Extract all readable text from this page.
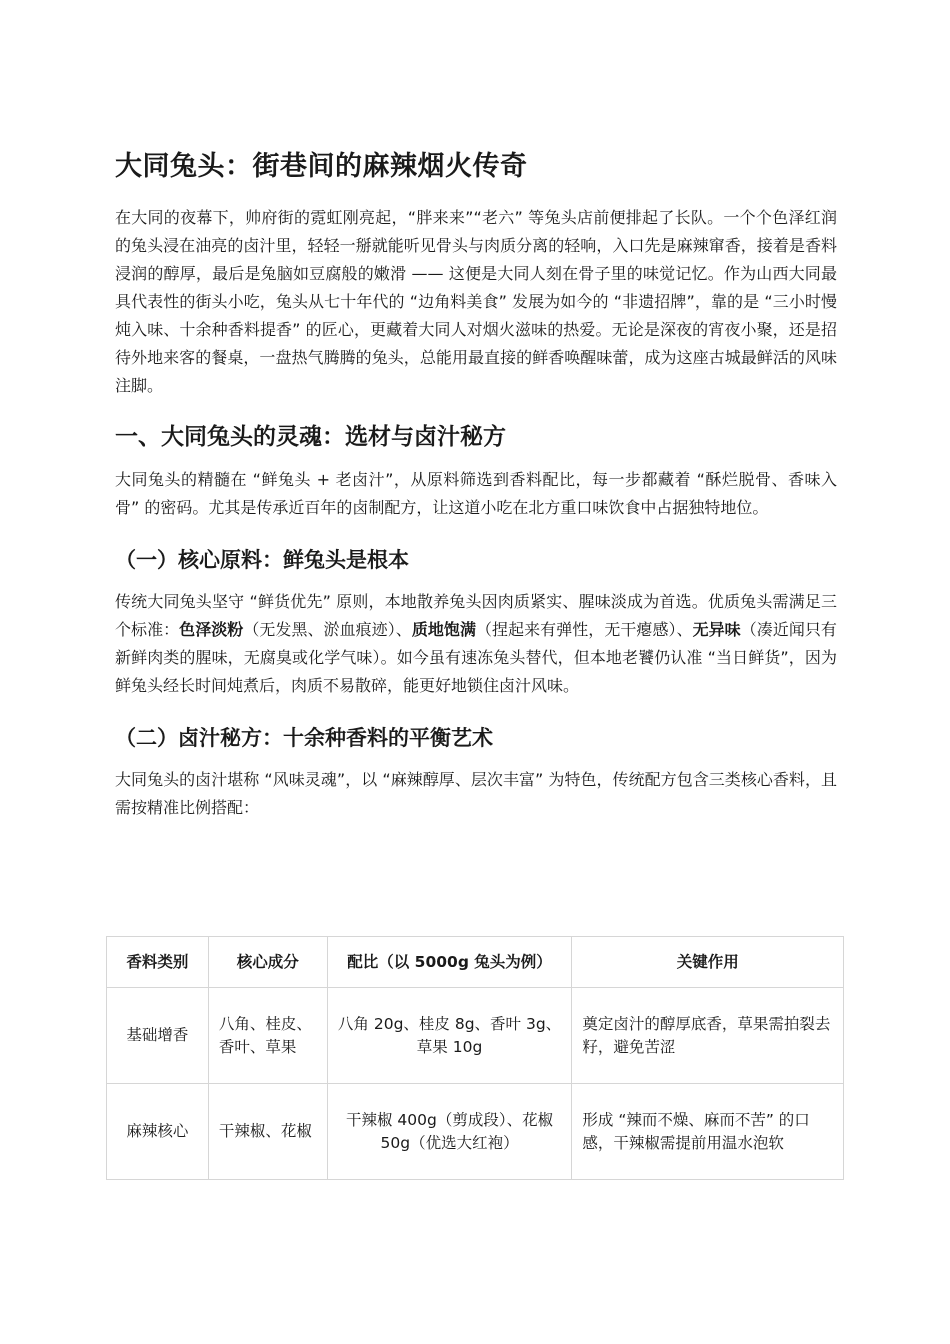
大同兔头：街巷间的麻辣烟火传奇

在大同的夜幕下，帅府街的霓虹刚亮起，“胖来来”“老六” 等兔头店前便排起了长队。一个个色泽红润的兔头浸在油亮的卤汁里，轻轻一掰就能听见骨头与肉质分离的轻响，入口先是麻辣窜香，接着是香料浸润的醇厚，最后是兔脑如豆腐般的嫩滑 —— 这便是大同人刻在骨子里的味觉记忆。作为山西大同最具代表性的街头小吃，兔头从七十年代的 “边角料美食” 发展为如今的 “非遗招牌”，靠的是 “三小时慢炖入味、十余种香料提香” 的匠心，更藏着大同人对烟火滋味的热爱。无论是深夜的宵夜小聚，还是招待外地来客的餐桌，一盘热气腾腾的兔头，总能用最直接的鲜香唤醒味蕾，成为这座古城最鲜活的风味注脚。

一、大同兔头的灵魂：选材与卤汁秘方

大同兔头的精髓在 “鲜兔头 + 老卤汁”，从原料筛选到香料配比，每一步都藏着 “酥烂脱骨、香味入骨” 的密码。尤其是传承近百年的卤制配方，让这道小吃在北方重口味饮食中占据独特地位。

（一）核心原料：鲜兔头是根本

传统大同兔头坚守 “鲜货优先” 原则，本地散养兔头因肉质紧实、腥味淡成为首选。优质兔头需满足三个标准：色泽淡粉（无发黑、淤血痕迹）、质地饱满（捏起来有弹性，无干瘪感）、无异味（凑近闻只有新鲜肉类的腥味，无腐臭或化学气味）。如今虽有速冻兔头替代，但本地老饕仍认准 “当日鲜货”，因为鲜兔头经长时间炖煮后，肉质不易散碎，能更好地锁住卤汁风味。

（二）卤汁秘方：十余种香料的平衡艺术

大同兔头的卤汁堪称 “风味灵魂”，以 “麻辣醇厚、层次丰富” 为特色，传统配方包含三类核心香料，且需按精准比例搭配：

香料类别	核心成分	配比（以 5000g 兔头为例）	关键作用
基础增香	八角、桂皮、香叶、草果	八角 20g、桂皮 8g、香叶 3g、草果 10g	奠定卤汁的醇厚底香，草果需拍裂去籽，避免苦涩
麻辣核心	干辣椒、花椒	干辣椒 400g（剪成段）、花椒 50g（优选大红袍）	形成 “辣而不燥、麻而不苦” 的口感，干辣椒需提前用温水泡软
